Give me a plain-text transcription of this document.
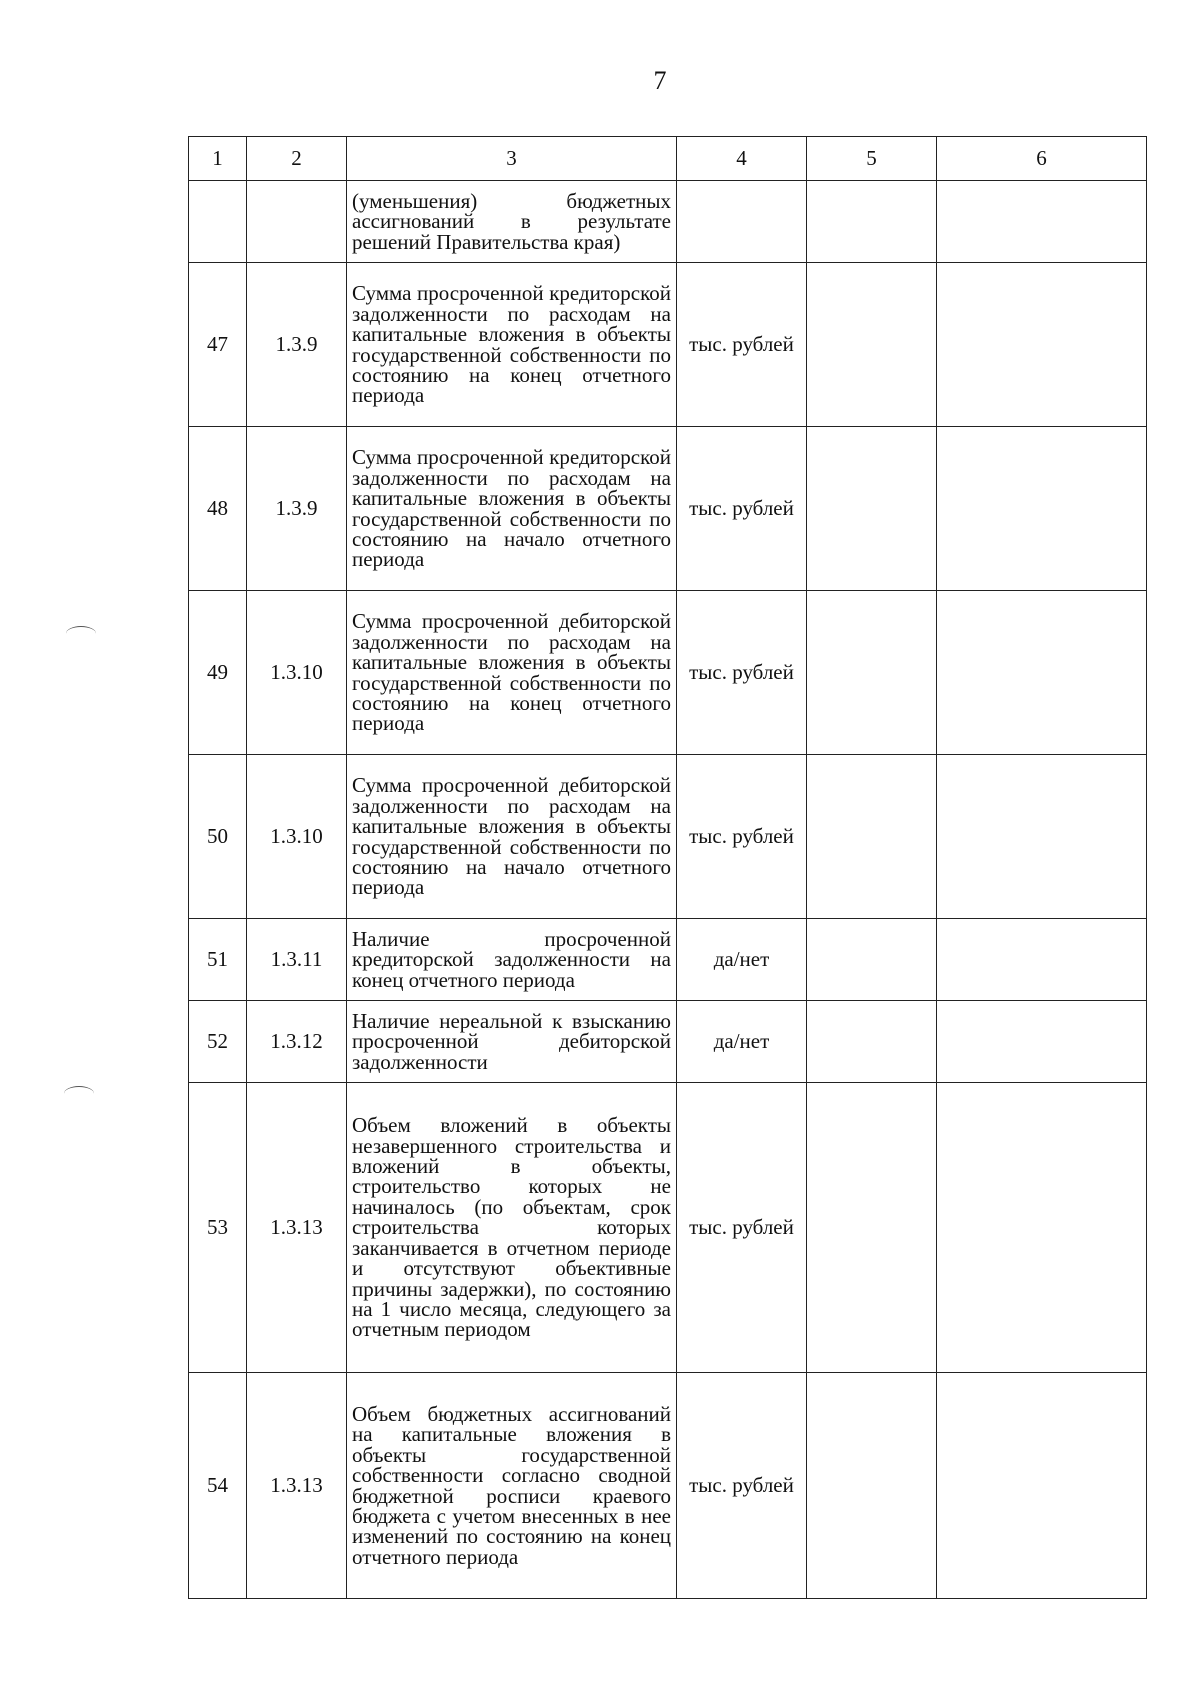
7
1	2	3	4	5	6
		(уменьшения) бюджетных ассигнований в результате решений Правительства края)			
47	1.3.9	Сумма просроченной кредиторской задолженности по расходам на капитальные вложения в объекты государственной собственности по состоянию на конец отчетного периода	тыс. рублей		
48	1.3.9	Сумма просроченной кредиторской задолженности по расходам на капитальные вложения в объекты государственной собственности по состоянию на начало отчетного периода	тыс. рублей		
49	1.3.10	Сумма просроченной дебиторской задолженности по расходам на капитальные вложения в объекты государственной собственности по состоянию на конец отчетного периода	тыс. рублей		
50	1.3.10	Сумма просроченной дебиторской задолженности по расходам на капитальные вложения в объекты государственной собственности по состоянию на начало отчетного периода	тыс. рублей		
51	1.3.11	Наличие просроченной кредиторской задолженности на конец отчетного периода	да/нет		
52	1.3.12	Наличие нереальной к взысканию просроченной дебиторской задолженности	да/нет		
53	1.3.13	Объем вложений в объекты незавершенного строительства и вложений в объекты, строительство которых не начиналось (по объектам, срок строительства которых заканчивается в отчетном периоде и отсутствуют объективные причины задержки), по состоянию на 1 число месяца, следующего за отчетным периодом	тыс. рублей		
54	1.3.13	Объем бюджетных ассигнований на капитальные вложения в объекты государственной собственности согласно сводной бюджетной росписи краевого бюджета с учетом внесенных в нее изменений по состоянию на конец отчетного периода	тыс. рублей		
